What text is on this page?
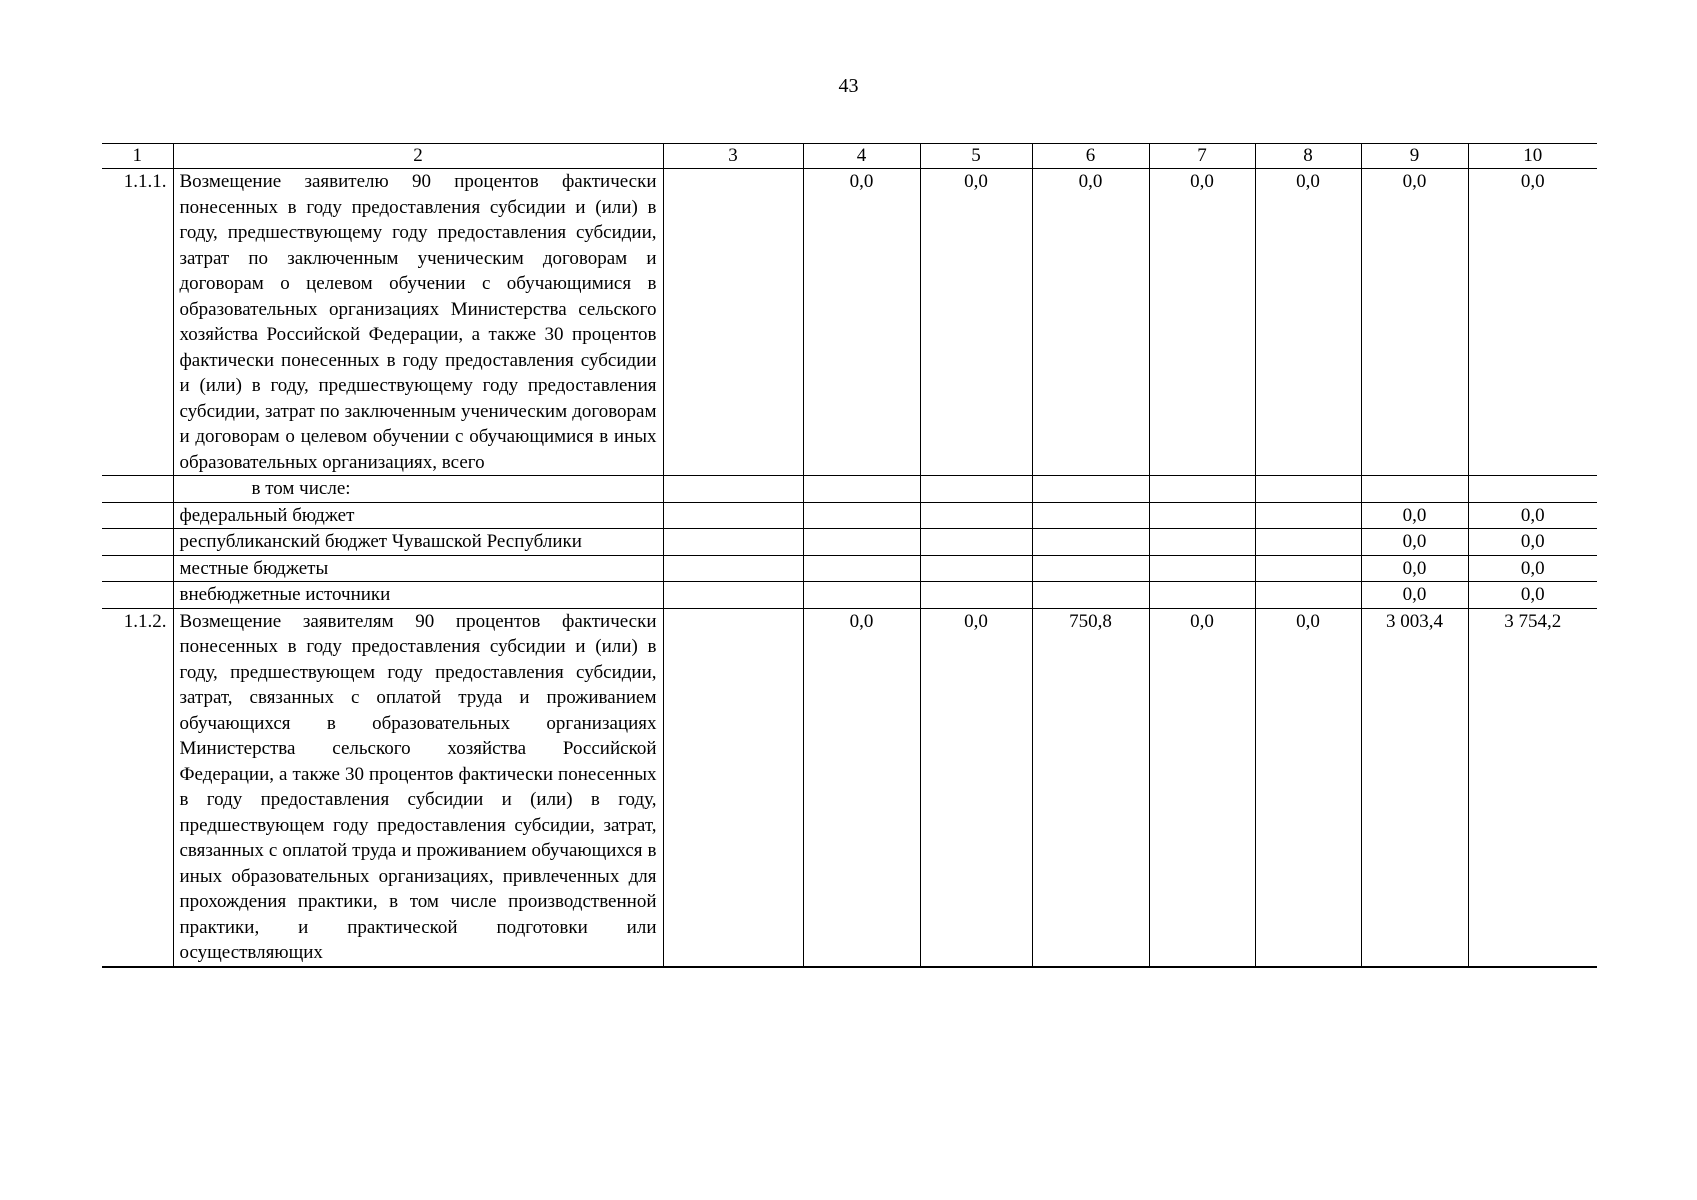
43
1	2	3	4	5	6	7	8	9	10
1.1.1.	Возмещение заявителю 90 процентов фактически понесенных в году предоставления субсидии и (или) в году, предшествующему году предоставления субсидии, затрат по заключенным ученическим договорам и договорам о целевом обучении с обучающимися в образовательных организациях Министерства сельского хозяйства Российской Федерации, а также 30 процентов фактически понесенных в году предоставления субсидии и (или) в году, предшествующему году предоставления субсидии, затрат по заключенным ученическим договорам и договорам о целевом обучении с обучающимися в иных образовательных организациях, всего		0,0	0,0	0,0	0,0	0,0	0,0	0,0
	в том числе:								
	федеральный бюджет							0,0	0,0
	республиканский бюджет Чувашской Республики							0,0	0,0
	местные бюджеты							0,0	0,0
	внебюджетные источники							0,0	0,0
1.1.2.	Возмещение заявителям 90 процентов фактически понесенных в году предоставления субсидии и (или) в году, предшествующем году предоставления субсидии, затрат, связанных с оплатой труда и проживанием обучающихся в образовательных организациях Министерства сельского хозяйства Российской Федерации, а также 30 процентов фактически понесенных в году предоставления субсидии и (или) в году, предшествующем году предоставления субсидии, затрат, связанных с оплатой труда и проживанием обучающихся в иных образовательных организациях, привлеченных для прохождения практики, в том числе производственной практики, и практической подготовки или осуществляющих		0,0	0,0	750,8	0,0	0,0	3 003,4	3 754,2
